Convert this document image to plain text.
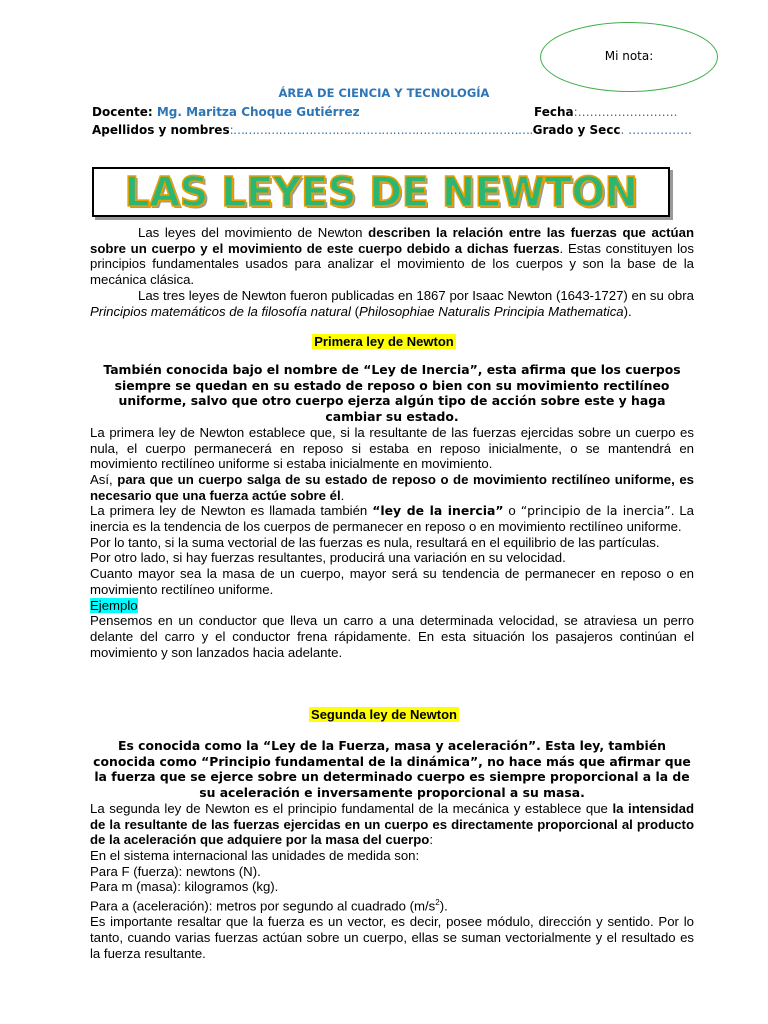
Mi nota:
ÁREA DE CIENCIA Y TECNOLOGÍA
Docente: Mg. Maritza Choque Gutiérrez	Fecha:…………………….
Apellidos y nombres:…………………………………………………………………….Grado y Secc. …………….
LAS LEYES DE NEWTON

Las leyes del movimiento de Newton describen la relación entre las fuerzas que actúan sobre un cuerpo y el movimiento de este cuerpo debido a dichas fuerzas. Estas constituyen los principios fundamentales usados para analizar el movimiento de los cuerpos y son la base de la mecánica clásica.

Las tres leyes de Newton fueron publicadas en 1867 por Isaac Newton (1643-1727) en su obra Principios matemáticos de la filosofía natural (Philosophiae Naturalis Principia Mathematica).

Primera ley de Newton

También conocida bajo el nombre de “Ley de Inercia”, esta afirma que los cuerpos siempre se quedan en su estado de reposo o bien con su movimiento rectilíneo uniforme, salvo que otro cuerpo ejerza algún tipo de acción sobre este y haga cambiar su estado.

La primera ley de Newton establece que, si la resultante de las fuerzas ejercidas sobre un cuerpo es nula, el cuerpo permanecerá en reposo si estaba en reposo inicialmente, o se mantendrá en movimiento rectilíneo uniforme si estaba inicialmente en movimiento.

Así, para que un cuerpo salga de su estado de reposo o de movimiento rectilíneo uniforme, es necesario que una fuerza actúe sobre él.

La primera ley de Newton es llamada también “ley de la inercia” o “principio de la inercia”. La inercia es la tendencia de los cuerpos de permanecer en reposo o en movimiento rectilíneo uniforme.

Por lo tanto, si la suma vectorial de las fuerzas es nula, resultará en el equilibrio de las partículas.

Por otro lado, si hay fuerzas resultantes, producirá una variación en su velocidad.

Cuanto mayor sea la masa de un cuerpo, mayor será su tendencia de permanecer en reposo o en movimiento rectilíneo uniforme.

Ejemplo

Pensemos en un conductor que lleva un carro a una determinada velocidad, se atraviesa un perro delante del carro y el conductor frena rápidamente. En esta situación los pasajeros continúan el movimiento y son lanzados hacia adelante.

Segunda ley de Newton

Es conocida como la “Ley de la Fuerza, masa y aceleración”. Esta ley, también conocida como “Principio fundamental de la dinámica”, no hace más que afirmar que la fuerza que se ejerce sobre un determinado cuerpo es siempre proporcional a la de su aceleración e inversamente proporcional a su masa.

La segunda ley de Newton es el principio fundamental de la mecánica y establece que la intensidad de la resultante de las fuerzas ejercidas en un cuerpo es directamente proporcional al producto de la aceleración que adquiere por la masa del cuerpo:

En el sistema internacional las unidades de medida son:

Para F (fuerza): newtons (N).

Para m (masa): kilogramos (kg).

Para a (aceleración): metros por segundo al cuadrado $(m/s^2)$.

Es importante resaltar que la fuerza es un vector, es decir, posee módulo, dirección y sentido. Por lo tanto, cuando varias fuerzas actúan sobre un cuerpo, ellas se suman vectorialmente y el resultado es la fuerza resultante.
